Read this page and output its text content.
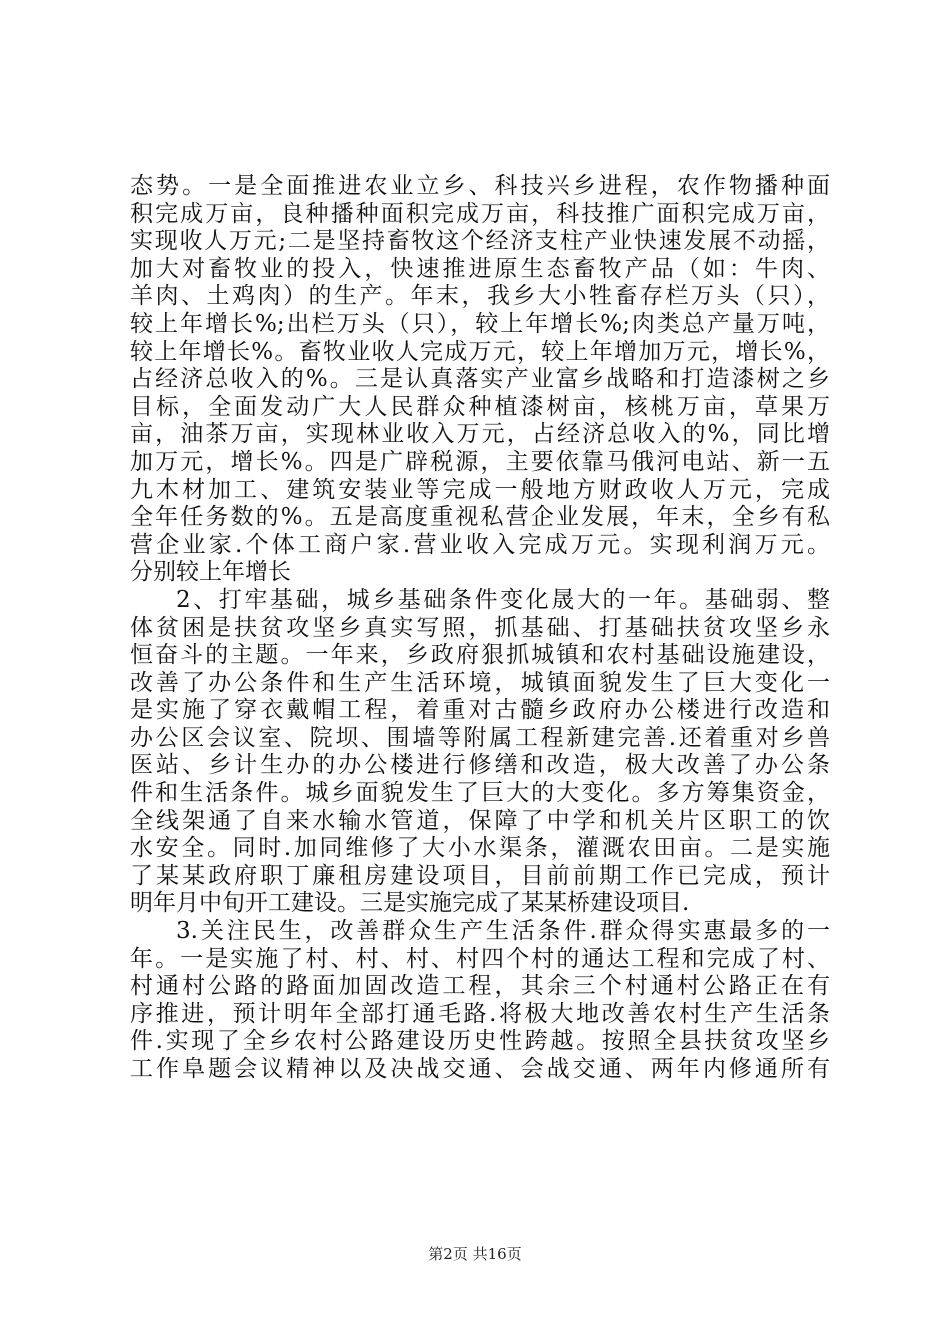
态势。一是全面推进农业立乡、科技兴乡进程，农作物播种面
积完成万亩，良种播种面积完成万亩，科技推广面积完成万亩，
实现收人万元;二是坚持畜牧这个经济支柱产业快速发展不动摇，
加大对畜牧业的投入，快速推进原生态畜牧产品（如：牛肉、
羊肉、土鸡肉）的生产。年末，我乡大小牲畜存栏万头（只），
较上年增长%;出栏万头（只），较上年增长%;肉类总产量万吨，
较上年增长%。畜牧业收人完成万元，较上年增加万元，增长%，
占经济总收入的%。三是认真落实产业富乡战略和打造漆树之乡
目标，全面发动广大人民群众种植漆树亩，核桃万亩，草果万
亩，油茶万亩，实现林业收入万元，占经济总收入的%，同比增
加万元，增长%。四是广辟税源，主要依靠马俄河电站、新一五
九木材加工、建筑安装业等完成一般地方财政收人万元，完成
全年任务数的%。五是高度重视私营企业发展，年末，全乡有私
营企业家.个体工商户家.营业收入完成万元。实现利润万元。
分别较上年增长
2、打牢基础，城乡基础条件变化晟大的一年。基础弱、整
体贫困是扶贫攻坚乡真实写照，抓基础、打基础扶贫攻坚乡永
恒奋斗的主题。一年来，乡政府狠抓城镇和农村基础设施建设，
改善了办公条件和生产生活环境，城镇面貌发生了巨大变化一
是实施了穿衣戴帽工程，着重对古髓乡政府办公楼进行改造和
办公区会议室、院坝、围墙等附属工程新建完善.还着重对乡兽
医站、乡计生办的办公楼进行修缮和改造，极大改善了办公条
件和生活条件。城乡面貌发生了巨大的大变化。多方筹集资金，
全线架通了自来水输水管道，保障了中学和机关片区职工的饮
水安全。同时.加同维修了大小水渠条，灌溉农田亩。二是实施
了某某政府职丁廉租房建设项目，目前前期工作已完成，预计
明年月中旬开工建设。三是实施完成了某某桥建设项目.
3.关注民生，改善群众生产生活条件.群众得实惠最多的一
年。一是实施了村、村、村、村四个村的通达工程和完成了村、
村通村公路的路面加固改造工程，其余三个村通村公路正在有
序推进，预计明年全部打通毛路.将极大地改善农村生产生活条
件.实现了全乡农村公路建设历史性跨越。按照全县扶贫攻坚乡
工作阜题会议精神以及决战交通、会战交通、两年内修通所有
第2页 共16页
